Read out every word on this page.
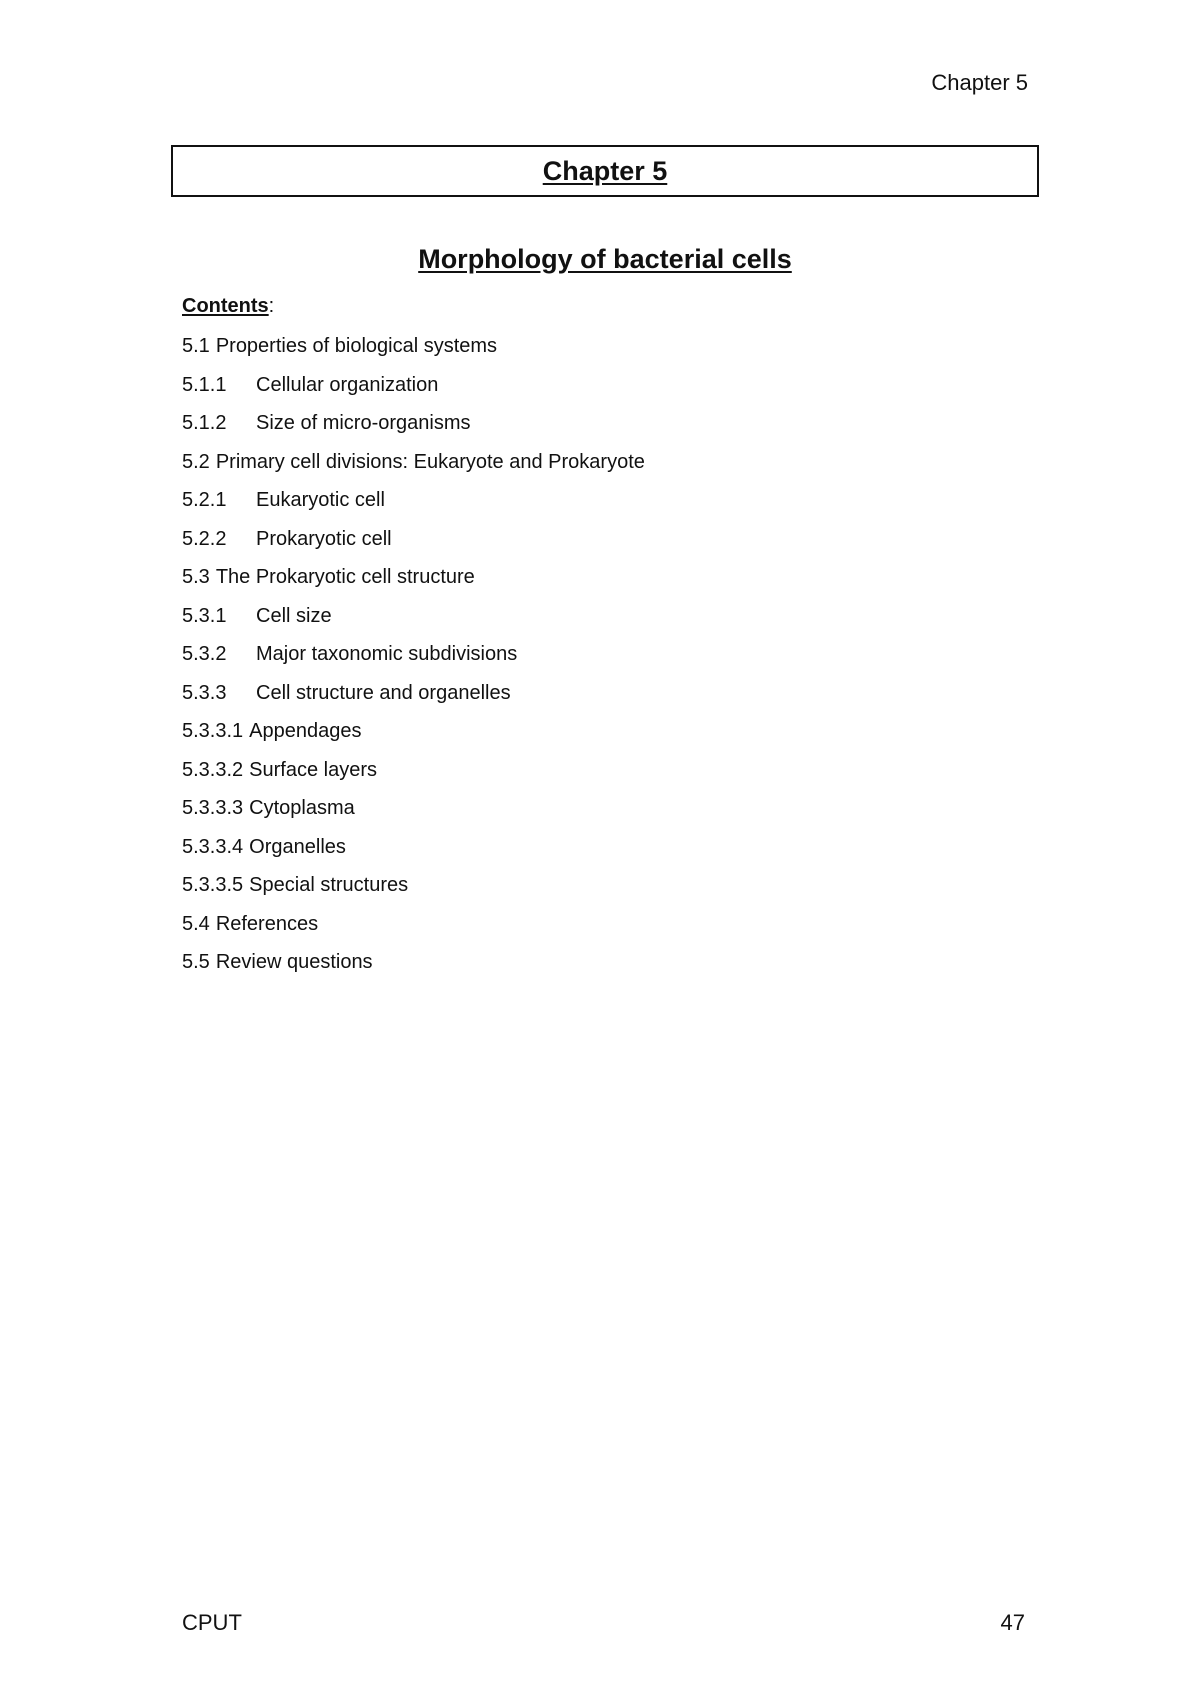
Chapter 5
Chapter 5
Morphology of bacterial cells
Contents:
5.1 Properties of biological systems
5.1.1	Cellular organization
5.1.2	Size of micro-organisms
5.2 Primary cell divisions: Eukaryote and Prokaryote
5.2.1	Eukaryotic cell
5.2.2	Prokaryotic cell
5.3 The Prokaryotic cell structure
5.3.1	Cell size
5.3.2	Major taxonomic subdivisions
5.3.3	Cell structure and organelles
5.3.3.1 Appendages
5.3.3.2 Surface layers
5.3.3.3 Cytoplasma
5.3.3.4 Organelles
5.3.3.5 Special structures
5.4 References
5.5 Review questions
CPUT	47
